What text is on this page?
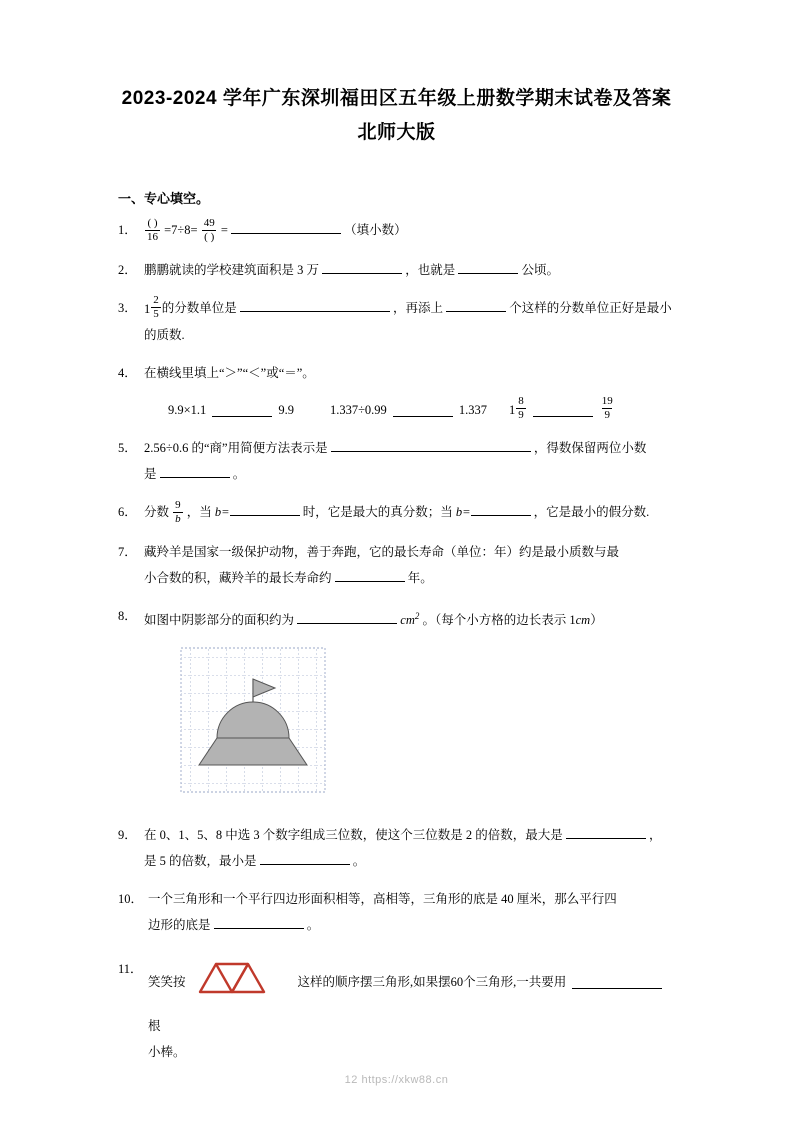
2023-2024 学年广东深圳福田区五年级上册数学期末试卷及答案北师大版
一、专心填空。
1． $\frac{( )}{16} =7\div 8= \frac{49}{( )}$ =	（填小数）
2． 鹏鹏就读的学校建筑面积是 3 万	，也就是	公顷。
3． $1 \frac{2}{5}$ 的分数单位是	，再添上	个这样的分数单位正好是最小
的质数.
4． 在横线里填上“＞”“＜”或“＝”。
9.9×1.1	9.9	1.337÷0.99	1.337 $1 \frac{8}{9}$	$\frac{19}{9}$
5． 2.56÷0.6 的“商”用简便方法表示是	，得数保留两位小数
是	。
6． 分数 $\frac{9}{b}$ ，当 b=	时，它是最大的真分数；当 b=	，它是最小的假分数.
7． 藏羚羊是国家一级保护动物，善于奔跑，它的最长寿命（单位：年）约是最小质数与最
小合数的积，藏羚羊的最长寿命约	年。
8． 如图中阴影部分的面积约为	$cm^2$ 。（每个小方格的边长表示 1cm）
9． 在 0、1、5、8 中选 3 个数字组成三位数，使这个三位数是 2 的倍数，最大是	，
是 5 的倍数，最小是	。
10． 一个三角形和一个平行四边形面积相等，高相等，三角形的底是 40 厘米，那么平行四
边形的底是	。
11．
笑笑按	这样的顺序摆三角形,如果摆60个三角形,一共要用
根
小棒。
12 https://xkw88.cn
